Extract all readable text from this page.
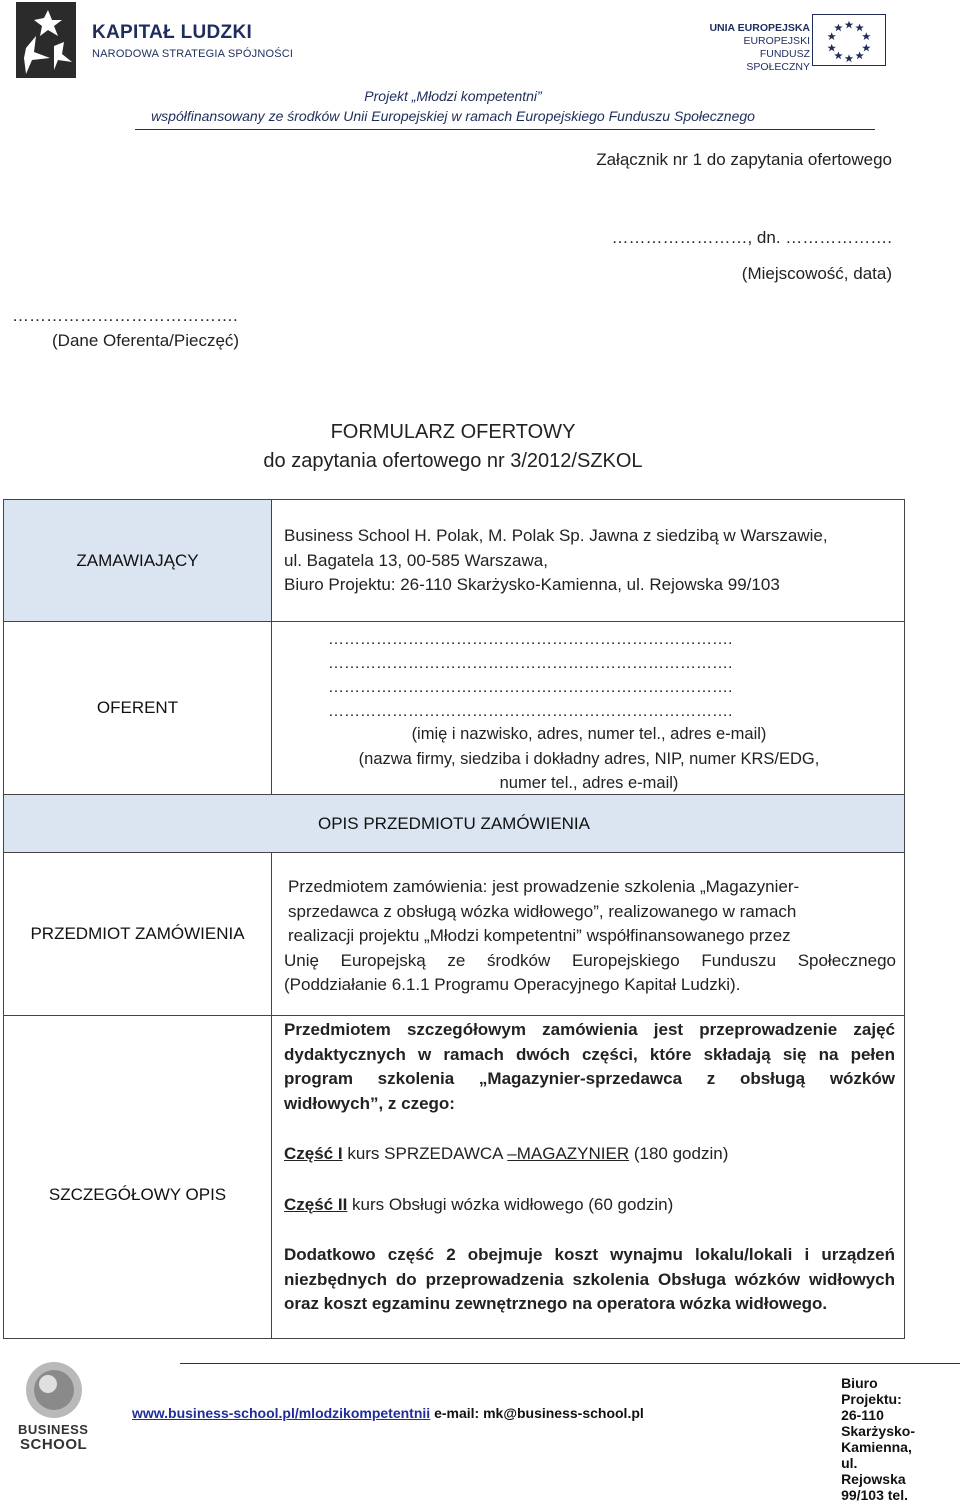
KAPITAŁ LUDZKI
NARODOWA STRATEGIA SPÓJNOŚCI
UNIA EUROPEJSKA
EUROPEJSKI
FUNDUSZ SPOŁECZNY
Projekt „Młodzi kompetentni”
współfinansowany ze środków Unii Europejskiej w ramach Europejskiego Funduszu Społecznego
Załącznik nr 1 do zapytania ofertowego
……………………, dn. ……………….
(Miejscowość, data)
………………………………….
(Dane Oferenta/Pieczęć)
FORMULARZ OFERTOWY
do zapytania ofertowego nr 3/2012/SZKOL
ZAMAWIAJĄCY
Business School H. Polak, M. Polak Sp. Jawna z siedzibą w Warszawie,
ul. Bagatela 13, 00-585 Warszawa,
Biuro Projektu: 26-110 Skarżysko-Kamienna, ul. Rejowska 99/103
OFERENT
………………………………………………………………….
………………………………………………………………….
………………………………………………………………….
………………………………………………………………….
(imię i nazwisko, adres, numer tel., adres e-mail)
(nazwa firmy, siedziba i dokładny adres, NIP, numer KRS/EDG,
numer tel., adres e-mail)
OPIS PRZEDMIOTU ZAMÓWIENIA
PRZEDMIOT ZAMÓWIENIA
Przedmiotem zamówienia: jest prowadzenie szkolenia „Magazynier-
sprzedawca z obsługą wózka widłowego”, realizowanego w ramach
realizacji projektu „Młodzi kompetentni” współfinansowanego przez
Unię Europejską ze środków Europejskiego Funduszu Społecznego
(Poddziałanie 6.1.1 Programu Operacyjnego Kapitał Ludzki).
SZCZEGÓŁOWY OPIS
Przedmiotem szczegółowym zamówienia jest przeprowadzenie zajęć dydaktycznych w ramach dwóch części, które składają się na pełen program szkolenia „Magazynier-sprzedawca z obsługą wózków widłowych”, z czego:
Część I kurs SPRZEDAWCA –MAGAZYNIER (180 godzin)
Część II kurs Obsługi wózka widłowego (60 godzin)
Dodatkowo część 2 obejmuje koszt wynajmu lokalu/lokali i urządzeń niezbędnych do przeprowadzenia szkolenia Obsługa wózków widłowych oraz koszt egzaminu zewnętrznego na operatora wózka widłowego.
BUSINESS
SCHOOL
Biuro Projektu: 26-110 Skarżysko-Kamienna, ul. Rejowska 99/103 tel.
www.business-school.pl/mlodzikompetentnii e-mail: mk@business-school.pl
